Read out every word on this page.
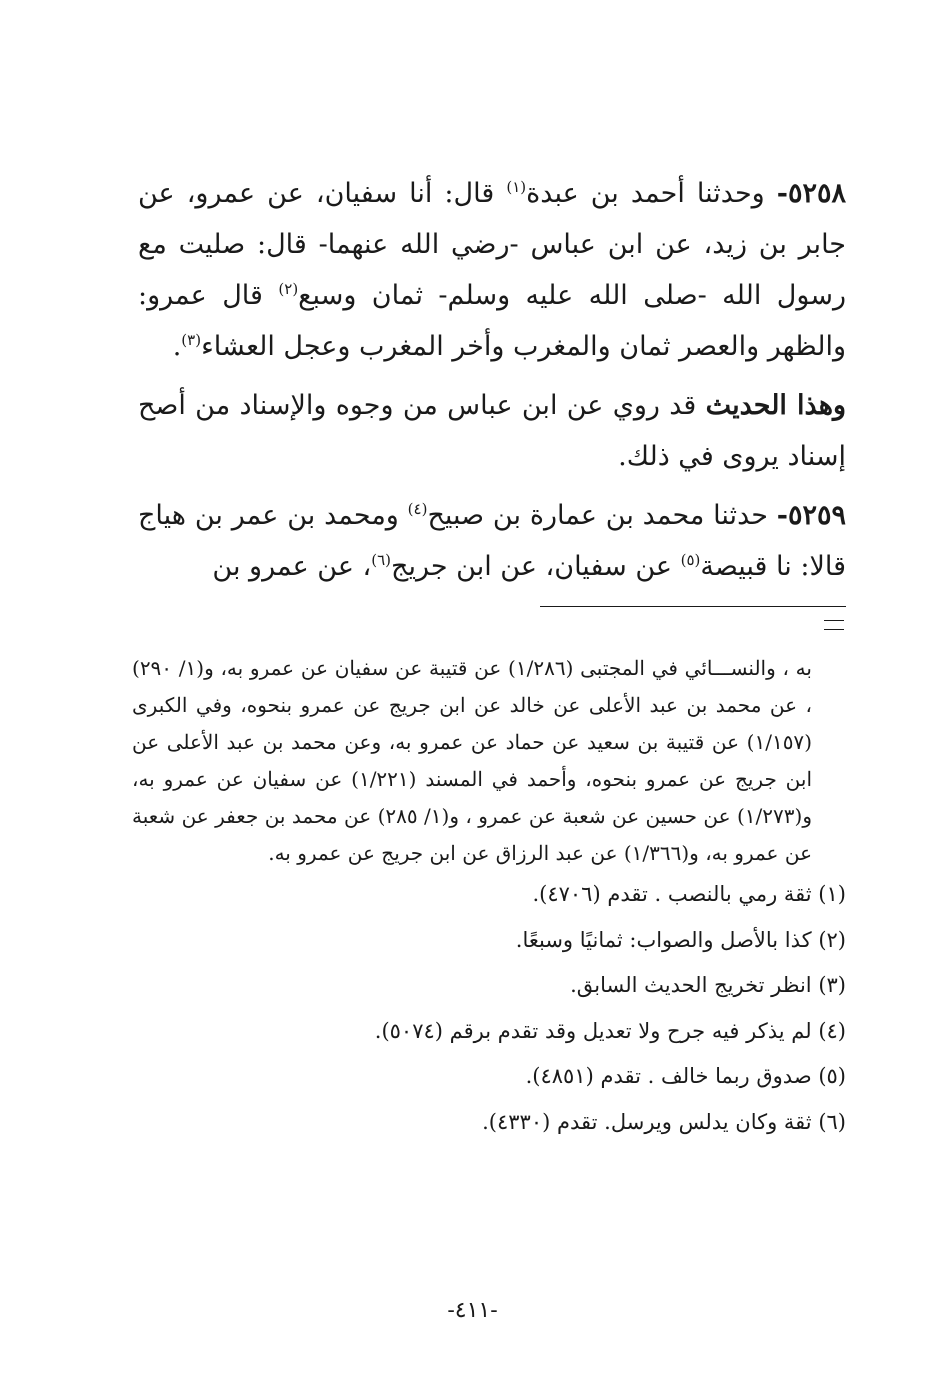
٥٢٥٨- وحدثنا أحمد بن عبدة$^{(١)}$ قال: أنا سفيان، عن عمرو، عن جابر بن زيد، عن ابن عباس -رضي الله عنهما- قال: صليت مع رسول الله -صلى الله عليه وسلم- ثمان وسبع$^{(٢)}$ قال عمرو: والظهر والعصر ثمان والمغرب وأخر المغرب وعجل العشاء$^{(٣)}$.

وهذا الحديث قد روي عن ابن عباس من وجوه والإسناد من أصح إسناد يروى في ذلك.

٥٢٥٩- حدثنا محمد بن عمارة بن صبيح$^{(٤)}$ ومحمد بن عمر بن هياج قالا: نا قبيصة$^{(٥)}$ عن سفيان، عن ابن جريج$^{(٦)}$، عن عمرو بن

به ، والنســـائي في المجتبى (١/٢٨٦) عن قتيبة عن سفيان عن عمرو به، و(١/ ٢٩٠) ، عن محمد بن عبد الأعلى عن خالد عن ابن جريج عن عمرو بنحوه، وفي الكبرى (١/١٥٧) عن قتيبة بن سعيد عن حماد عن عمرو به، وعن محمد بن عبد الأعلى عن ابن جريج عن عمرو بنحوه، وأحمد في المسند (١/٢٢١) عن سفيان عن عمرو به، و(١/٢٧٣) عن حسين عن شعبة عن عمرو ، و(١/ ٢٨٥) عن محمد بن جعفر عن شعبة عن عمرو به، و(١/٣٦٦) عن عبد الرزاق عن ابن جريج عن عمرو به.

(١) ثقة رمي بالنصب . تقدم (٤٧٠٦).

(٢) كذا بالأصل والصواب: ثمانيًا وسبعًا.

(٣) انظر تخريج الحديث السابق.

(٤) لم يذكر فيه جرح ولا تعديل وقد تقدم برقم (٥٠٧٤).

(٥) صدوق ربما خالف . تقدم (٤٨٥١).

(٦) ثقة وكان يدلس ويرسل. تقدم (٤٣٣٠).

-٤١١-
